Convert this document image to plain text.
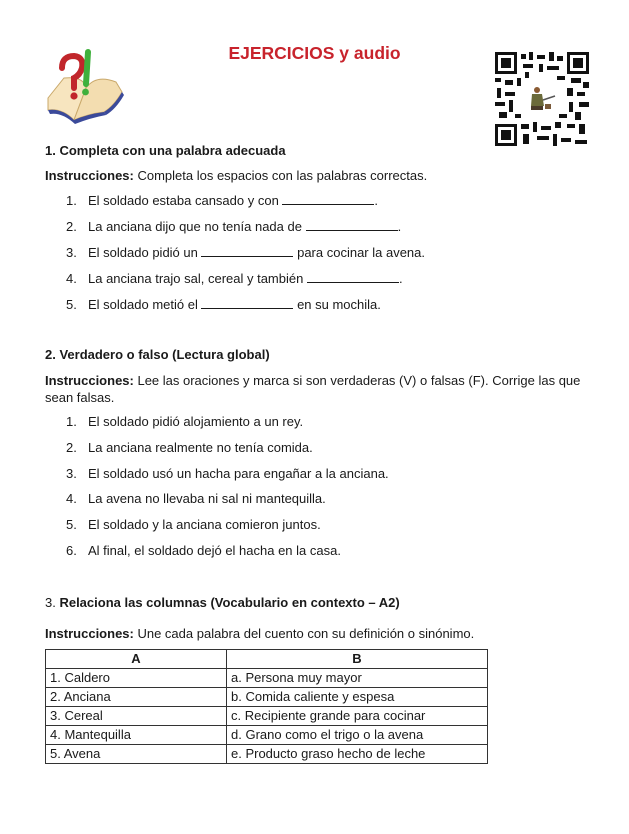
EJERCICIOS y audio
1. Completa con una palabra adecuada
Instrucciones: Completa los espacios con las palabras correctas.
1. El soldado estaba cansado y con	.
2. La anciana dijo que no tenía nada de	.
3. El soldado pidió un	para cocinar la avena.
4. La anciana trajo sal, cereal y también	.
5. El soldado metió el	en su mochila.
2. Verdadero o falso (Lectura global)
Instrucciones: Lee las oraciones y marca si son verdaderas (V) o falsas (F). Corrige las que sean falsas.
1. El soldado pidió alojamiento a un rey.
2. La anciana realmente no tenía comida.
3. El soldado usó un hacha para engañar a la anciana.
4. La avena no llevaba ni sal ni mantequilla.
5. El soldado y la anciana comieron juntos.
6. Al final, el soldado dejó el hacha en la casa.
3. Relaciona las columnas (Vocabulario en contexto – A2)
Instrucciones: Une cada palabra del cuento con su definición o sinónimo.
A	B
1. Caldero	a. Persona muy mayor
2. Anciana	b. Comida caliente y espesa
3. Cereal	c. Recipiente grande para cocinar
4. Mantequilla	d. Grano como el trigo o la avena
5. Avena	e. Producto graso hecho de leche
